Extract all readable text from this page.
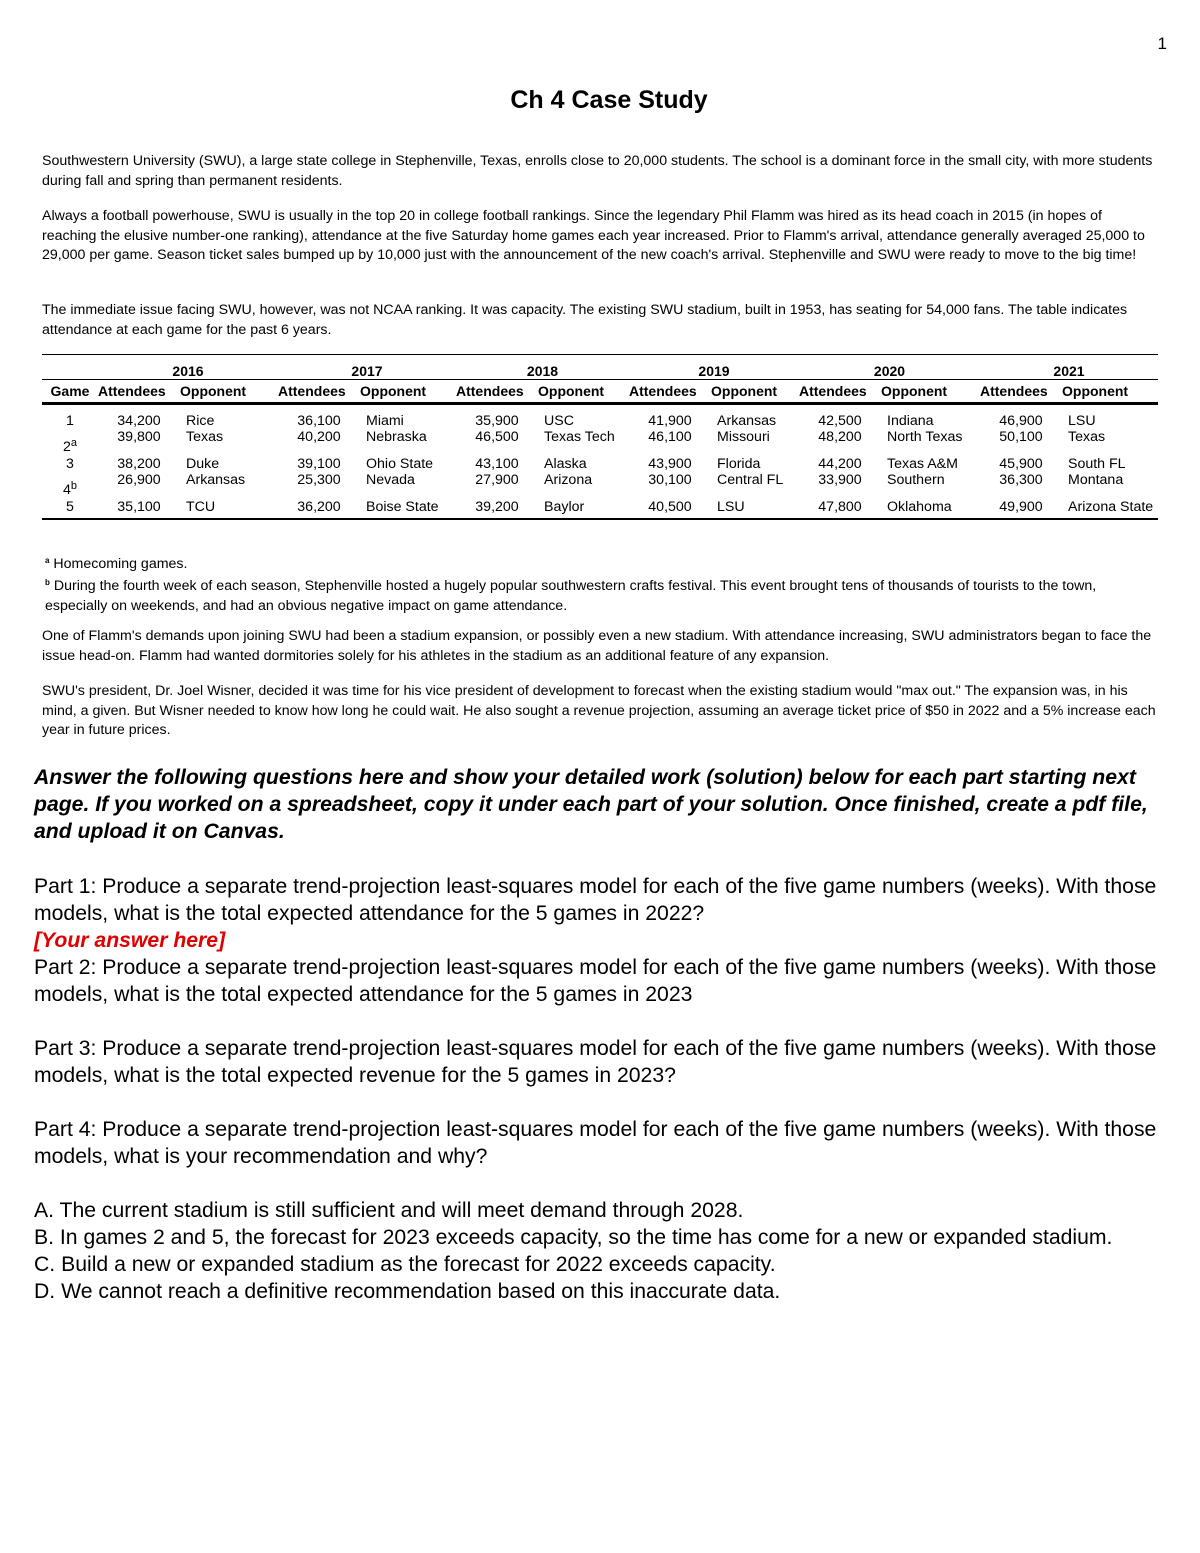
1
Ch 4 Case Study

Southwestern University (SWU), a large state college in Stephenville, Texas, enrolls close to 20,000 students. The school is a dominant force in the small city, with more students during fall and spring than permanent residents.

Always a football powerhouse, SWU is usually in the top 20 in college football rankings. Since the legendary Phil Flamm was hired as its head coach in 2015 (in hopes of reaching the elusive number-one ranking), attendance at the five Saturday home games each year increased. Prior to Flamm's arrival, attendance generally averaged 25,000 to 29,000 per game. Season ticket sales bumped up by 10,000 just with the announcement of the new coach's arrival. Stephenville and SWU were ready to move to the big time!

The immediate issue facing SWU, however, was not NCAA ranking. It was capacity. The existing SWU stadium, built in 1953, has seating for 54,000 fans. The table indicates attendance at each game for the past 6 years.

	2016		2017		2018		2019		2020		2021	
Game	Attendees	Opponent	Attendees	Opponent	Attendees	Opponent	Attendees	Opponent	Attendees	Opponent	Attendees	Opponent
1	34,200	Rice	36,100	Miami	35,900	USC	41,900	Arkansas	42,500	Indiana	46,900	LSU
2$^a$	39,800	Texas	40,200	Nebraska	46,500	Texas Tech	46,100	Missouri	48,200	North Texas	50,100	Texas
3	38,200	Duke	39,100	Ohio State	43,100	Alaska	43,900	Florida	44,200	Texas A&M	45,900	South FL
4$^b$	26,900	Arkansas	25,300	Nevada	27,900	Arizona	30,100	Central FL	33,900	Southern	36,300	Montana
5	35,100	TCU	36,200	Boise State	39,200	Baylor	40,500	LSU	47,800	Oklahoma	49,900	Arizona State

$^a$ Homecoming games.

$^b$ During the fourth week of each season, Stephenville hosted a hugely popular southwestern crafts festival. This event brought tens of thousands of tourists to the town, especially on weekends, and had an obvious negative impact on game attendance.

One of Flamm's demands upon joining SWU had been a stadium expansion, or possibly even a new stadium. With attendance increasing, SWU administrators began to face the issue head-on. Flamm had wanted dormitories solely for his athletes in the stadium as an additional feature of any expansion.

SWU's president, Dr. Joel Wisner, decided it was time for his vice president of development to forecast when the existing stadium would "max out." The expansion was, in his mind, a given. But Wisner needed to know how long he could wait. He also sought a revenue projection, assuming an average ticket price of $50 in 2022 and a 5% increase each year in future prices.

Answer the following questions here and show your detailed work (solution) below for each part starting next page. If you worked on a spreadsheet, copy it under each part of your solution. Once finished, create a pdf file, and upload it on Canvas.

Part 1: Produce a separate trend-projection least-squares model for each of the five game numbers (weeks). With those models, what is the total expected attendance for the 5 games in 2022?

[Your answer here]

Part 2: Produce a separate trend-projection least-squares model for each of the five game numbers (weeks). With those models, what is the total expected attendance for the 5 games in 2023

Part 3: Produce a separate trend-projection least-squares model for each of the five game numbers (weeks). With those models, what is the total expected revenue for the 5 games in 2023?

Part 4: Produce a separate trend-projection least-squares model for each of the five game numbers (weeks). With those models, what is your recommendation and why?

A. The current stadium is still sufficient and will meet demand through 2028.

B. In games 2 and 5, the forecast for 2023 exceeds capacity, so the time has come for a new or expanded stadium.

C. Build a new or expanded stadium as the forecast for 2022 exceeds capacity.

D. We cannot reach a definitive recommendation based on this inaccurate data.
